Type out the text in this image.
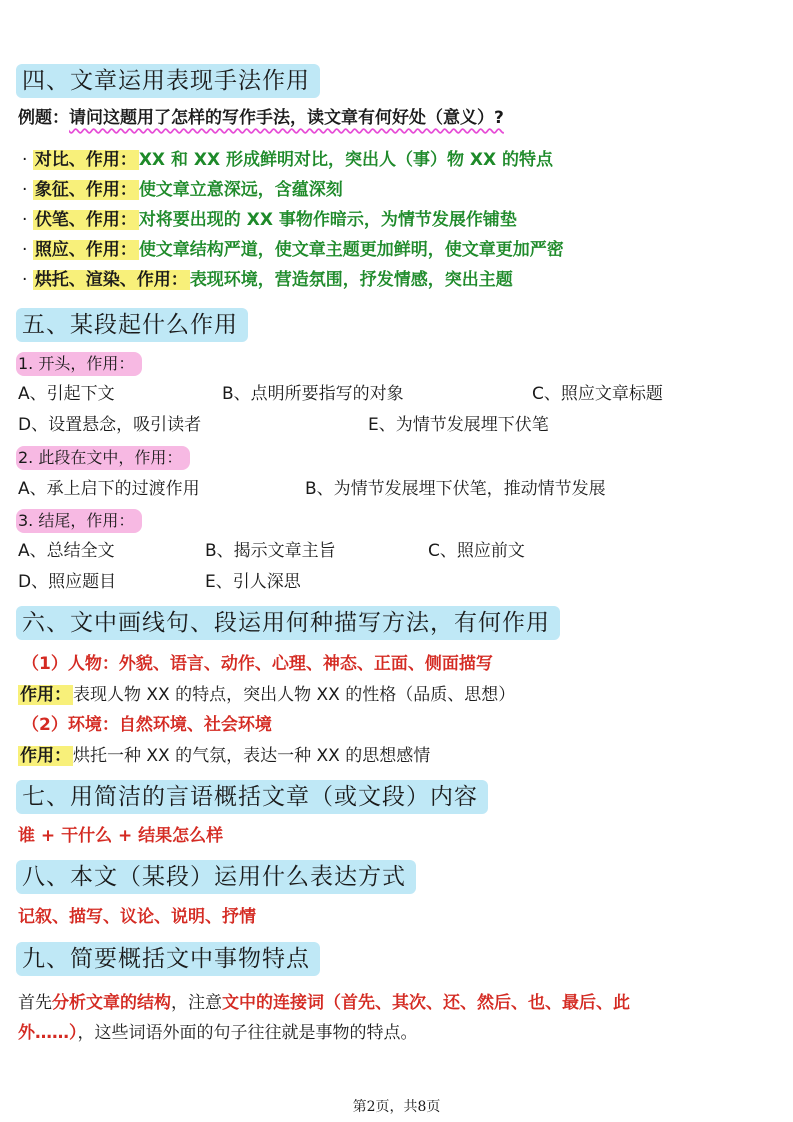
四、文章运用表现手法作用
例题：请问这题用了怎样的写作手法，读文章有何好处（意义）?
· 对比、作用： XX 和 XX 形成鲜明对比，突出人（事）物 XX 的特点
· 象征、作用： 使文章立意深远，含蕴深刻
· 伏笔、作用： 对将要出现的 XX 事物作暗示，为情节发展作铺垫
· 照应、作用： 使文章结构严道，使文章主题更加鲜明，使文章更加严密
· 烘托、渲染、作用： 表现环境，营造氛围，抒发情感，突出主题
五、某段起什么作用
1. 开头，作用：
A、引起下文	B、点明所要指写的对象	C、照应文章标题
D、设置悬念，吸引读者	E、为情节发展埋下伏笔
2. 此段在文中，作用：
A、承上启下的过渡作用	B、为情节发展埋下伏笔，推动情节发展
3. 结尾，作用：
A、总结全文	B、揭示文章主旨	C、照应前文
D、照应题目	E、引人深思
六、文中画线句、段运用何种描写方法，有何作用
（1）人物：外貌、语言、动作、心理、神态、正面、侧面描写
作用： 表现人物 XX 的特点，突出人物 XX 的性格（品质、思想）
（2）环境：自然环境、社会环境
作用： 烘托一种 XX 的气氛，表达一种 XX 的思想感情
七、用简洁的言语概括文章（或文段）内容
谁 + 干什么 + 结果怎么样
八、本文（某段）运用什么表达方式
记叙、描写、议论、说明、抒情
九、简要概括文中事物特点
首先分析文章的结构，注意文中的连接词（首先、其次、还、然后、也、最后、此
外……），这些词语外面的句子往往就是事物的特点。
第2页，共8页
